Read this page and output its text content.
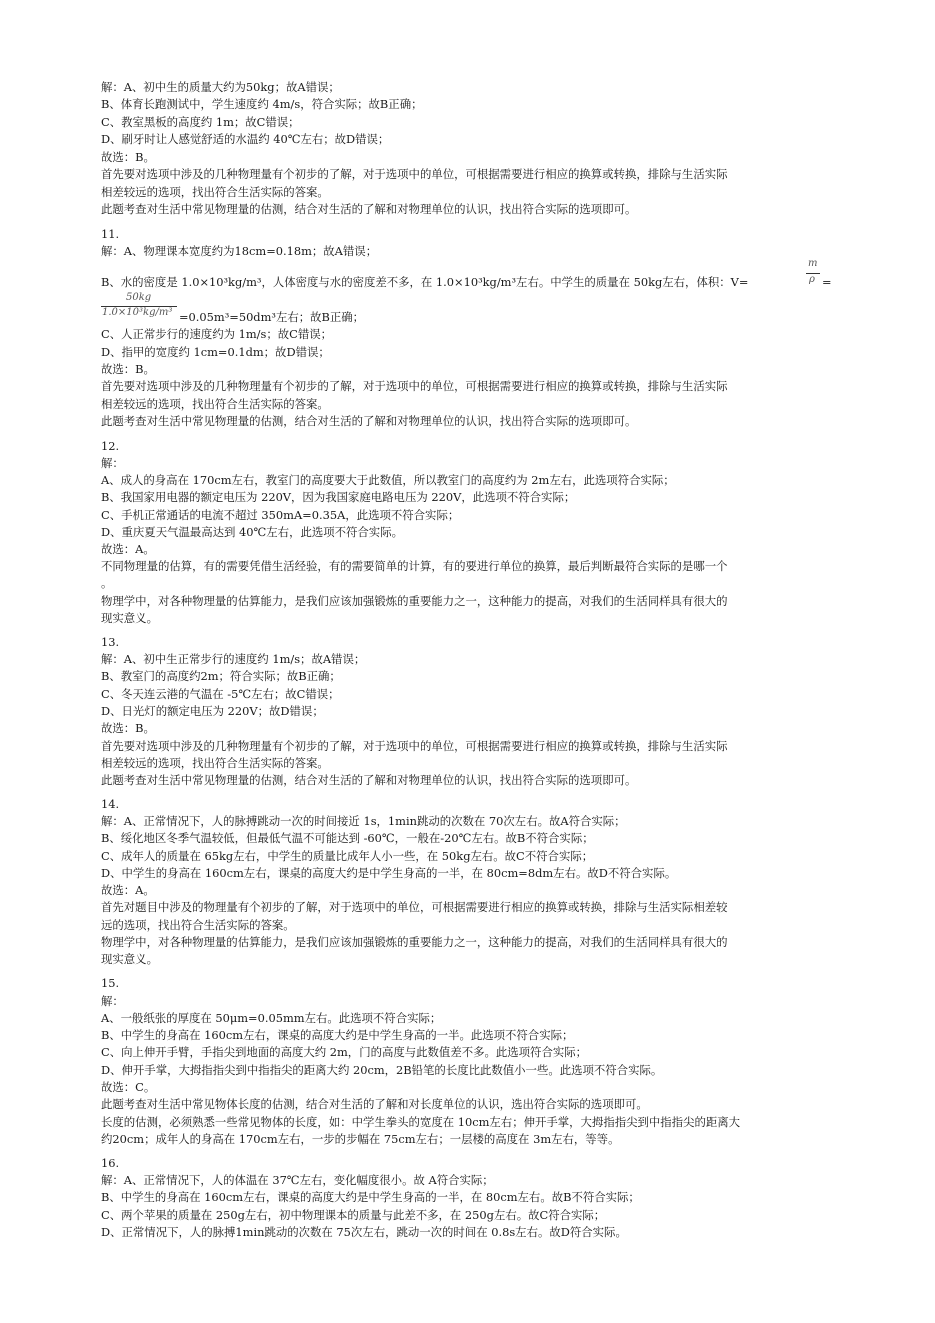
解：A、初中生的质量大约为50kg；故A错误；
B、体育长跑测试中，学生速度约 4m/s，符合实际；故B正确；
C、教室黑板的高度约 1m；故C错误；
D、刷牙时让人感觉舒适的水温约 40℃左右；故D错误；
故选：B。
首先要对选项中涉及的几种物理量有个初步的了解，对于选项中的单位，可根据需要进行相应的换算或转换，排除与生活实际
相差较远的选项，找出符合生活实际的答案。
此题考查对生活中常见物理量的估测，结合对生活的了解和对物理单位的认识，找出符合实际的选项即可。
11.
解：A、物理课本宽度约为18cm=0.18m；故A错误；
B、水的密度是 1.0×10³kg/m³，人体密度与水的密度差不多，在 1.0×10³kg/m³左右。中学生的质量在 50kg左右，体积：V=
m
ρ =
50kg
1.0×10³kg/m³ =0.05m³=50dm³左右；故B正确；
C、人正常步行的速度约为 1m/s；故C错误；
D、指甲的宽度约 1cm=0.1dm；故D错误；
故选：B。
首先要对选项中涉及的几种物理量有个初步的了解，对于选项中的单位，可根据需要进行相应的换算或转换，排除与生活实际
相差较远的选项，找出符合生活实际的答案。
此题考查对生活中常见物理量的估测，结合对生活的了解和对物理单位的认识，找出符合实际的选项即可。
12.
解：
A、成人的身高在 170cm左右，教室门的高度要大于此数值，所以教室门的高度约为 2m左右，此选项符合实际；
B、我国家用电器的额定电压为 220V，因为我国家庭电路电压为 220V，此选项不符合实际；
C、手机正常通话的电流不超过 350mA=0.35A，此选项不符合实际；
D、重庆夏天气温最高达到 40℃左右，此选项不符合实际。
故选：A。
不同物理量的估算，有的需要凭借生活经验，有的需要简单的计算，有的要进行单位的换算，最后判断最符合实际的是哪一个
。
物理学中，对各种物理量的估算能力，是我们应该加强锻炼的重要能力之一，这种能力的提高，对我们的生活同样具有很大的
现实意义。
13.
解：A、初中生正常步行的速度约 1m/s；故A错误；
B、教室门的高度约2m；符合实际；故B正确；
C、冬天连云港的气温在 -5℃左右；故C错误；
D、日光灯的额定电压为 220V；故D错误；
故选：B。
首先要对选项中涉及的几种物理量有个初步的了解，对于选项中的单位，可根据需要进行相应的换算或转换，排除与生活实际
相差较远的选项，找出符合生活实际的答案。
此题考查对生活中常见物理量的估测，结合对生活的了解和对物理单位的认识，找出符合实际的选项即可。
14.
解：A、正常情况下，人的脉搏跳动一次的时间接近 1s，1min跳动的次数在 70次左右。故A符合实际；
B、绥化地区冬季气温较低，但最低气温不可能达到 -60℃，一般在-20℃左右。故B不符合实际；
C、成年人的质量在 65kg左右，中学生的质量比成年人小一些，在 50kg左右。故C不符合实际；
D、中学生的身高在 160cm左右，课桌的高度大约是中学生身高的一半，在 80cm=8dm左右。故D不符合实际。
故选：A。
首先对题目中涉及的物理量有个初步的了解，对于选项中的单位，可根据需要进行相应的换算或转换，排除与生活实际相差较
远的选项，找出符合生活实际的答案。
物理学中，对各种物理量的估算能力，是我们应该加强锻炼的重要能力之一，这种能力的提高，对我们的生活同样具有很大的
现实意义。
15.
解：
A、一般纸张的厚度在 50μm=0.05mm左右。此选项不符合实际；
B、中学生的身高在 160cm左右，课桌的高度大约是中学生身高的一半。此选项不符合实际；
C、向上伸开手臂，手指尖到地面的高度大约 2m，门的高度与此数值差不多。此选项符合实际；
D、伸开手掌，大拇指指尖到中指指尖的距离大约 20cm，2B铅笔的长度比此数值小一些。此选项不符合实际。
故选：C。
此题考查对生活中常见物体长度的估测，结合对生活的了解和对长度单位的认识，选出符合实际的选项即可。
长度的估测，必须熟悉一些常见物体的长度，如：中学生拳头的宽度在 10cm左右；伸开手掌，大拇指指尖到中指指尖的距离大
约20cm；成年人的身高在 170cm左右，一步的步幅在 75cm左右；一层楼的高度在 3m左右，等等。
16.
解：A、正常情况下，人的体温在 37℃左右，变化幅度很小。故 A符合实际；
B、中学生的身高在 160cm左右，课桌的高度大约是中学生身高的一半，在 80cm左右。故B不符合实际；
C、两个苹果的质量在 250g左右，初中物理课本的质量与此差不多，在 250g左右。故C符合实际；
D、正常情况下，人的脉搏1min跳动的次数在 75次左右，跳动一次的时间在 0.8s左右。故D符合实际。
